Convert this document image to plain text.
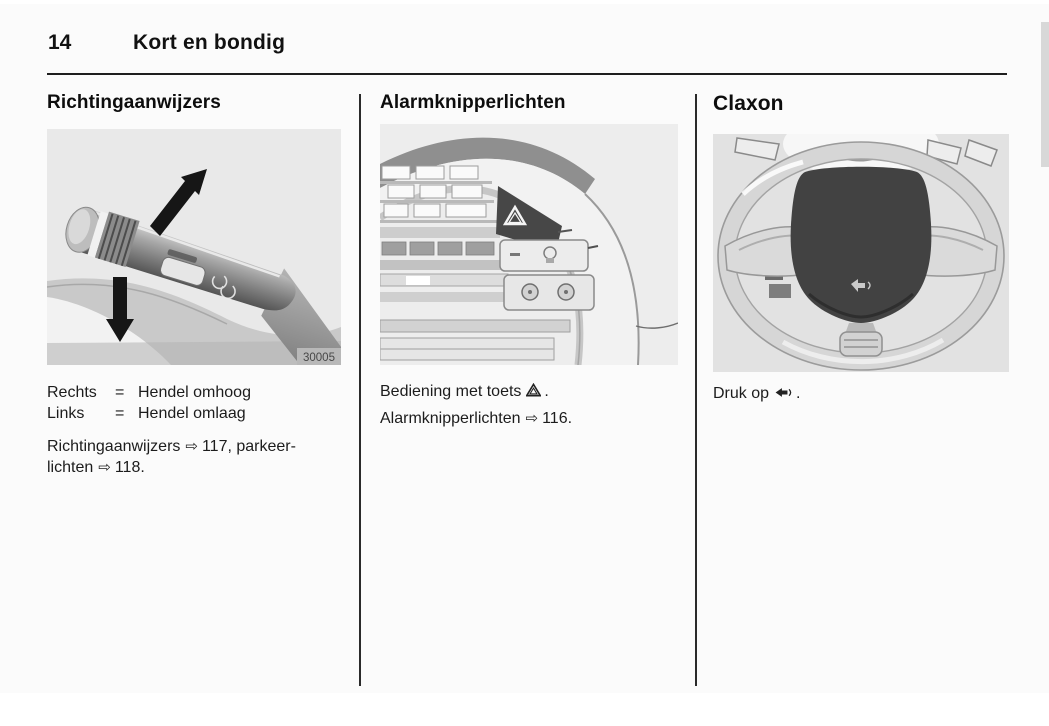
14	Kort en bondig
Richtingaanwijzers
30005
Rechts	= Hendel omhoog
Links	= Hendel omlaag
Richtingaanwijzers ⇨ 117, parkeer-
lichten ⇨ 118.
Alarmknipperlichten
Bediening met toets .
Alarmknipperlichten ⇨ 116.
Claxon
Druk op .
